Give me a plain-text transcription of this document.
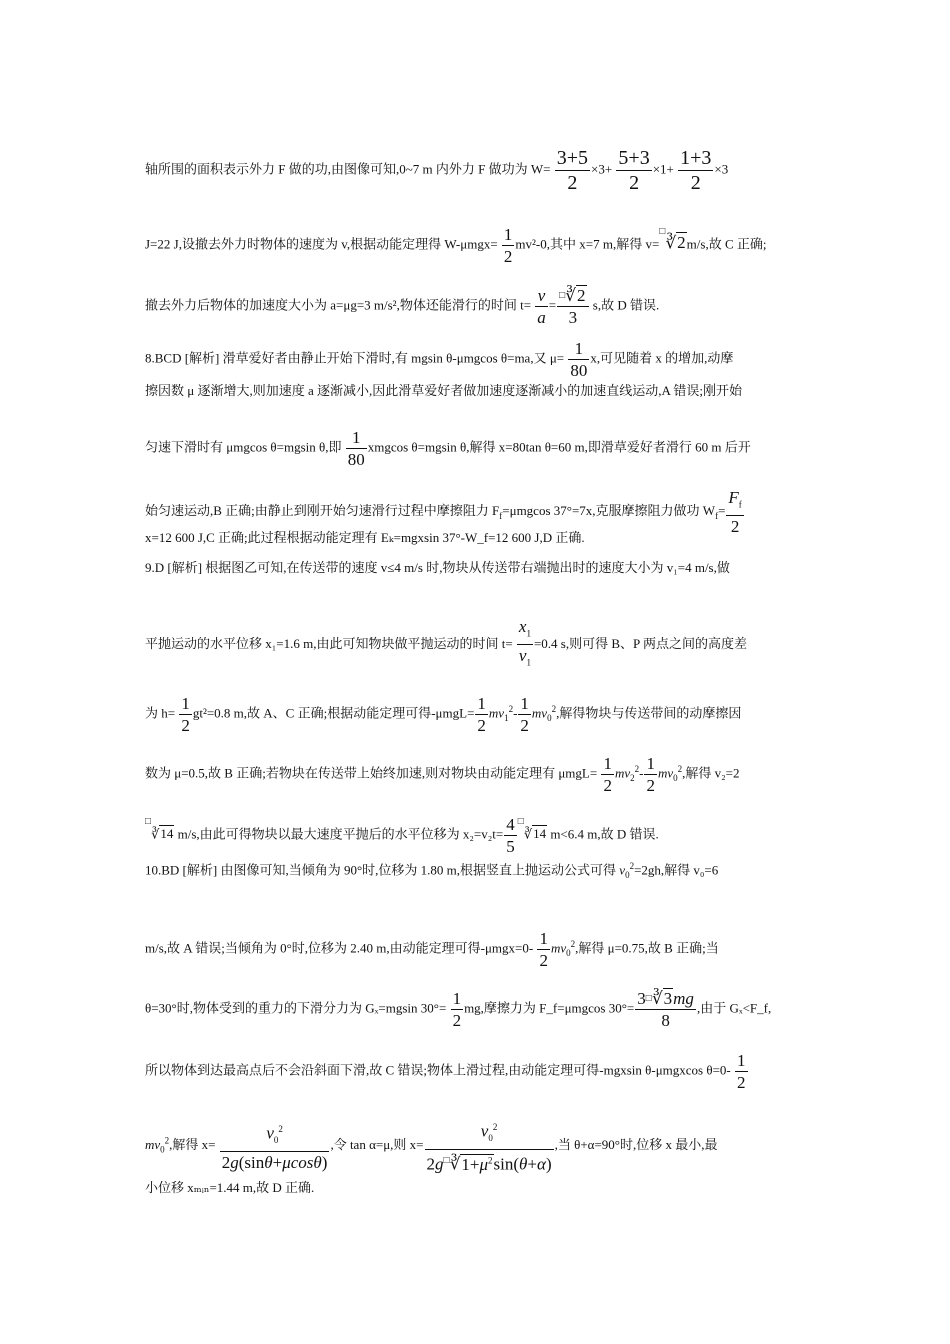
轴所围的面积表示外力 F 做的功,由图像可知,0~7 m 内外力 F 做功为 $W= \frac{3+5}{2} \times 3+ \frac{5+3}{2} \times 1+ \frac{1+3}{2} \times 3$
J=22 J,设撤去外力时物体的速度为 v,根据动能定理得 $W-\mu mgx= \frac{1}{2} mv^2-0$,其中 x=7 m,解得 v=□∛2m/s,故 C 正确;
撤去外力后物体的加速度大小为 a=μg=3 m/s²,物体还能滑行的时间 $t= \frac{v}{a} = \frac{^□∛2}{3} s$,故 D 错误.
8.BCD [解析] 滑草爱好者由静止开始下滑时,有 mgsin θ-μmgcos θ=ma,又 $\mu= \frac{1}{80} x$,可见随着 x 的增加,动摩
擦因数 μ 逐渐增大,则加速度 a 逐渐减小,因此滑草爱好者做加速度逐渐减小的加速直线运动,A 错误;刚开始
匀速下滑时有 μmgcos θ=mgsin θ,即 $\frac{1}{80}$ xmgcos θ=mgsin θ,解得 x=80tan θ=60 m,即滑草爱好者滑行 60 m 后开
始匀速运动,B 正确;由静止到刚开始匀速滑行过程中摩擦阻力 $F_f=\mu mgcos$ 37°=7x,克服摩擦阻力做功 $W_f= \frac{F_f}{2}$
x=12 600 J,C 正确;此过程根据动能定理有 Eₖ=mgxsin 37°-W_f=12 600 J,D 正确.
9.D [解析] 根据图乙可知,在传送带的速度 v≤4 m/s 时,物块从传送带右端抛出时的速度大小为 v₁=4 m/s,做
平抛运动的水平位移 x₁=1.6 m,由此可知物块做平抛运动的时间 $t= \frac{x_1}{v_1} =0.4$ s,则可得 B、P 两点之间的高度差
为 $h= \frac{1}{2} gt^2=0.8$ m,故 A、C 正确;根据动能定理可得$-\mu mgL= \frac{1}{2} mv_1^2- \frac{1}{2} mv_0^2$,解得物块与传送带间的动摩擦因
数为 μ=0.5,故 B 正确;若物块在传送带上始终加速,则对物块由动能定理有 $\mu mgL= \frac{1}{2} mv_2^2- \frac{1}{2} mv_0^2$,解得 v₂=2
□∛14 m/s,由此可得物块以最大速度平抛后的水平位移为 $x_2=v_2t= \frac{4}{5}$ □∛14 m<6.4 m,故 D 错误.
10.BD [解析] 由图像可知,当倾角为 90°时,位移为 1.80 m,根据竖直上抛运动公式可得 $v_0^2=2gh$,解得 v₀=6
m/s,故 A 错误;当倾角为 0°时,位移为 2.40 m,由动能定理可得$-\mu mgx=0- \frac{1}{2} mv_0^2$,解得 μ=0.75,故 B 正确;当
θ=30°时,物体受到的重力的下滑分力为 Gₓ=mgsin $30^\circ= \frac{1}{2}$ mg,摩擦力为 F_f=μmgcos $30^\circ= \frac{3^□∛3mg}{8}$ ,由于 Gₓ<F_f,
所以物体到达最高点后不会沿斜面下滑,故 C 错误;物体上滑过程,由动能定理可得-mgxsin θ-μmgxcos $\theta=0- \frac{1}{2}$
$mv_0^2$,解得 $x= \frac{v_0^2}{2g(\sin\theta+\mu\cos\theta)}$ ,令 tan α=μ,则 $x= \frac{v_0^2}{2g^□∛1+\mu^2\sin(\theta+\alpha)}$ ,当 θ+α=90°时,位移 x 最小,最
小位移 xₘᵢₙ=1.44 m,故 D 正确.
